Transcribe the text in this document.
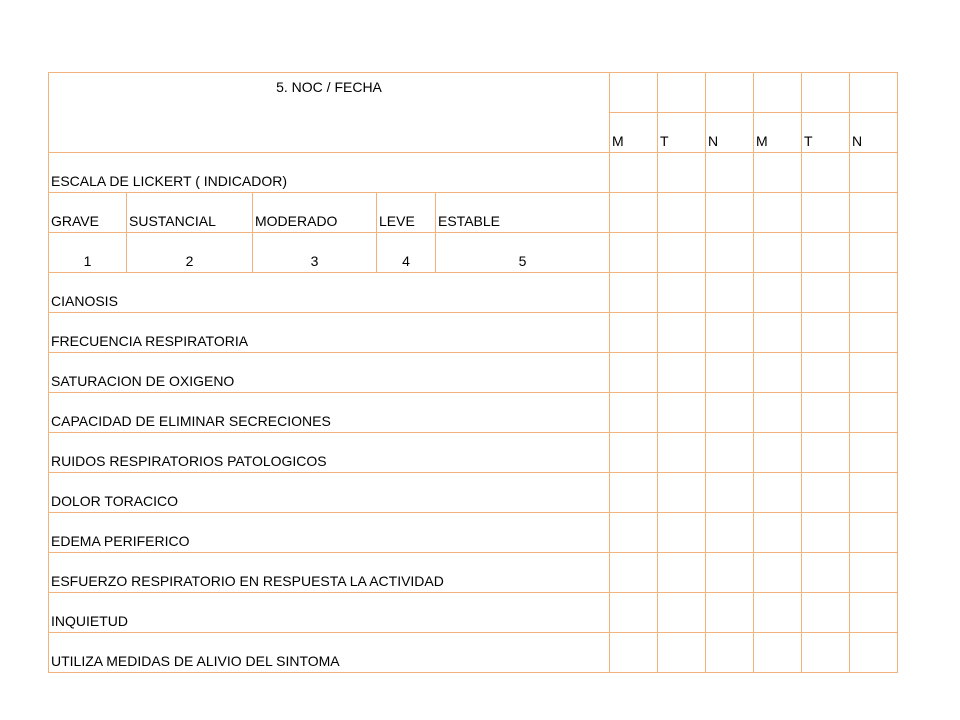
5. NOC / FECHA										

					M	T	N	M	T	N

ESCALA DE LICKERT ( INDICADOR)										

GRAVE	SUSTANCIAL	MODERADO	LEVE	ESTABLE						

1	2	3	4	5						

CIANOSIS										

FRECUENCIA RESPIRATORIA										

SATURACION DE OXIGENO										

CAPACIDAD DE ELIMINAR SECRECIONES										

RUIDOS RESPIRATORIOS PATOLOGICOS										

DOLOR TORACICO										

EDEMA PERIFERICO										

ESFUERZO RESPIRATORIO EN RESPUESTA LA ACTIVIDAD										

INQUIETUD										

UTILIZA MEDIDAS DE ALIVIO DEL SINTOMA										
